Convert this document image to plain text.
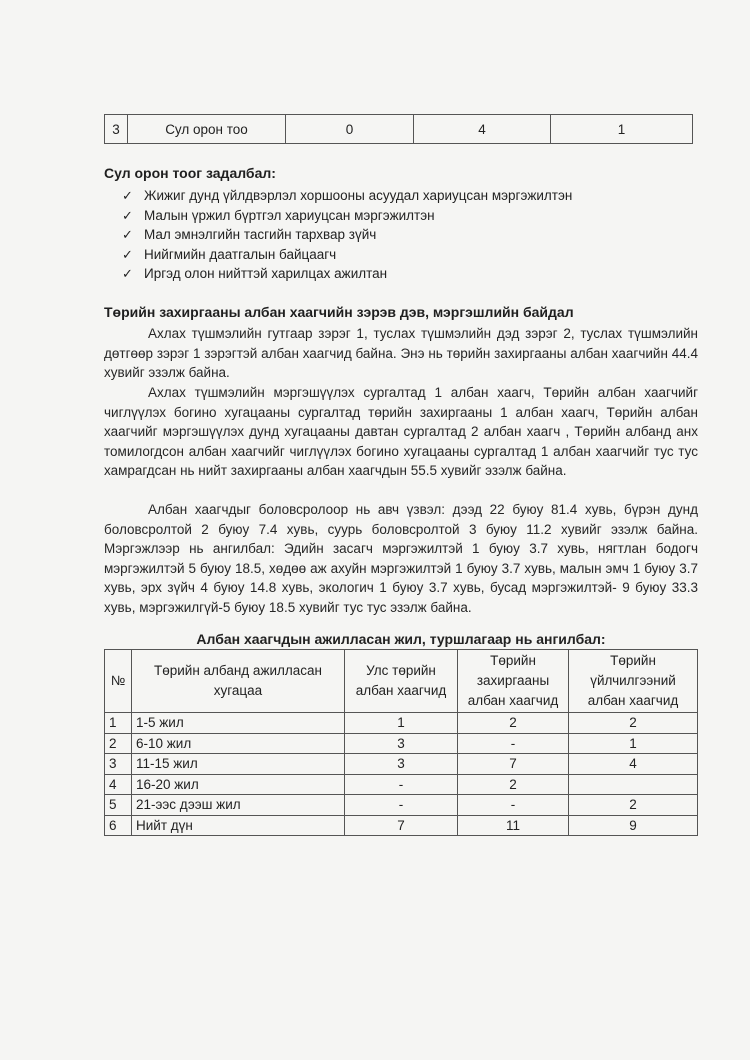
3	Сул орон тоо	0	4	1

Сул орон тоог задалбал:

✓ Жижиг дунд үйлдвэрлэл хоршооны асуудал хариуцсан мэргэжилтэн
✓ Малын үржил бүртгэл хариуцсан мэргэжилтэн
✓ Мал эмнэлгийн тасгийн тархвар зүйч
✓ Нийгмийн даатгалын байцаагч
✓ Иргэд олон нийттэй харилцах ажилтан

Төрийн захиргааны албан хаагчийн зэрэв дэв, мэргэшлийн байдал

Ахлах түшмэлийн гутгаар зэрэг 1, туслах түшмэлийн дэд зэрэг 2, туслах түшмэлийн дөтгөөр зэрэг 1 зэрэгтэй албан хаагчид байна. Энэ нь төрийн захиргааны албан хаагчийн 44.4 хувийг эзэлж байна.

Ахлах түшмэлийн мэргэшүүлэх сургалтад 1 албан хаагч, Төрийн албан хаагчийг чиглүүлэх богино хугацааны сургалтад төрийн захиргааны 1 албан хаагч, Төрийн албан хаагчийг мэргэшүүлэх дунд хугацааны давтан сургалтад 2 албан хаагч , Төрийн албанд анх томилогдсон албан хаагчийг чиглүүлэх богино хугацааны сургалтад 1 албан хаагчийг тус тус хамрагдсан нь нийт захиргааны албан хаагчдын 55.5 хувийг эзэлж байна.

Албан хаагчдыг боловсролоор нь авч үзвэл: дээд 22 буюу 81.4 хувь, бүрэн дунд боловсролтой 2 буюу 7.4 хувь, суурь боловсролтой 3 буюу 11.2 хувийг эзэлж байна. Мэргэжлээр нь ангилбал: Эдийн засагч мэргэжилтэй 1 буюу 3.7 хувь, нягтлан бодогч мэргэжилтэй 5 буюу 18.5, хөдөө аж ахуйн мэргэжилтэй 1 буюу 3.7 хувь, малын эмч 1 буюу 3.7 хувь, эрх зүйч 4 буюу 14.8 хувь, экологич 1 буюу 3.7 хувь, бусад мэргэжилтэй- 9 буюу 33.3 хувь, мэргэжилгүй-5 буюу 18.5 хувийг тус тус эзэлж байна.

Албан хаагчдын ажилласан жил, туршлагаар нь ангилбал:

№	Төрийн албанд ажилласан хугацаа	Улс төрийн албан хаагчид	Төрийн захиргааны албан хаагчид	Төрийн үйлчилгээний албан хаагчид
1	1-5 жил	1	2	2
2	6-10 жил	3	-	1
3	11-15 жил	3	7	4
4	16-20 жил	-	2	
5	21-ээс дээш жил	-	-	2
6	Нийт дүн	7	11	9
